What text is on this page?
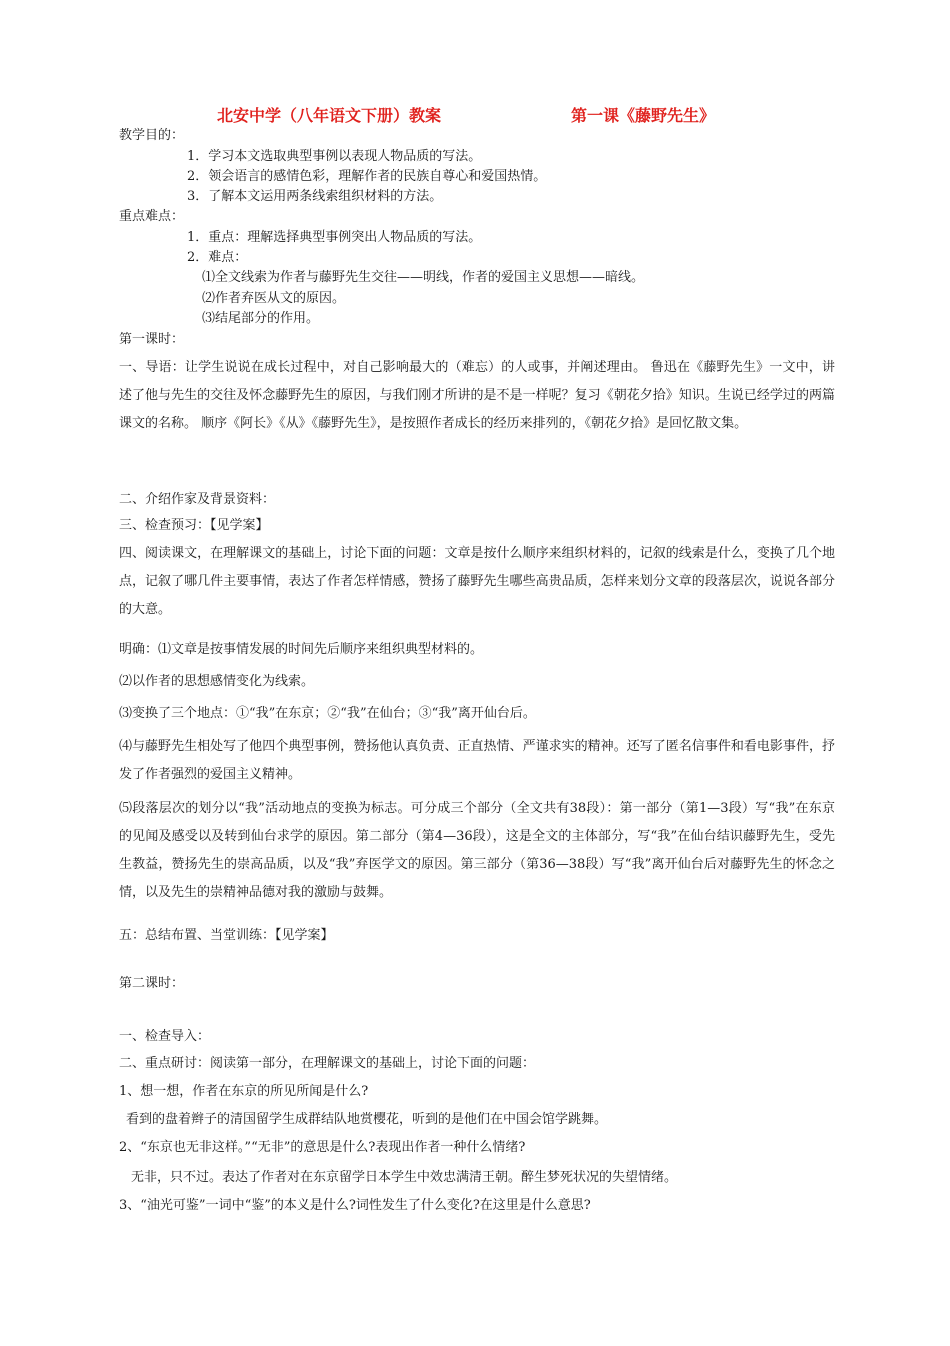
北安中学（八年语文下册）教案	第一课《藤野先生》
教学目的：
1．学习本文选取典型事例以表现人物品质的写法。
2．领会语言的感情色彩，理解作者的民族自尊心和爱国热情。
3．了解本文运用两条线索组织材料的方法。
重点难点：
1．重点：理解选择典型事例突出人物品质的写法。
2．难点：
⑴全文线索为作者与藤野先生交往——明线，作者的爱国主义思想——暗线。
⑵作者弃医从文的原因。
⑶结尾部分的作用。
第一课时：
一、导语：让学生说说在成长过程中，对自己影响最大的（难忘）的人或事，并阐述理由。 鲁迅在《藤野先生》一文中，讲述了他与先生的交往及怀念藤野先生的原因，与我们刚才所讲的是不是一样呢？复习《朝花夕拾》知识。生说已经学过的两篇课文的名称。 顺序《阿长》《从》《藤野先生》，是按照作者成长的经历来排列的，《朝花夕拾》是回忆散文集。
二、介绍作家及背景资料：
三、检查预习：【见学案】
四、阅读课文，在理解课文的基础上，讨论下面的问题：文章是按什么顺序来组织材料的，记叙的线索是什么，变换了几个地点，记叙了哪几件主要事情，表达了作者怎样情感，赞扬了藤野先生哪些高贵品质，怎样来划分文章的段落层次，说说各部分的大意。
明确：⑴文章是按事情发展的时间先后顺序来组织典型材料的。
⑵以作者的思想感情变化为线索。
⑶变换了三个地点：①“我”在东京；②“我”在仙台；③“我”离开仙台后。
⑷与藤野先生相处写了他四个典型事例，赞扬他认真负责、正直热情、严谨求实的精神。还写了匿名信事件和看电影事件，抒发了作者强烈的爱国主义精神。
⑸段落层次的划分以“我”活动地点的变换为标志。可分成三个部分（全文共有38段）：第一部分（第1—3段）写“我”在东京的见闻及感受以及转到仙台求学的原因。第二部分（第4—36段），这是全文的主体部分，写“我”在仙台结识藤野先生，受先生教益，赞扬先生的崇高品质，以及“我”弃医学文的原因。第三部分（第36—38段）写“我”离开仙台后对藤野先生的怀念之情，以及先生的崇精神品德对我的激励与鼓舞。
五：总结布置、当堂训练：【见学案】
第二课时：
一、检查导入：
二、重点研讨：阅读第一部分，在理解课文的基础上，讨论下面的问题：
1、想一想，作者在东京的所见所闻是什么?
看到的盘着辫子的清国留学生成群结队地赏樱花，听到的是他们在中国会馆学跳舞。
2、“东京也无非这样。”“无非”的意思是什么?表现出作者一种什么情绪?
无非，只不过。表达了作者对在东京留学日本学生中效忠满清王朝。醉生梦死状况的失望情绪。
3、“油光可鉴”一词中“鉴”的本义是什么?词性发生了什么变化?在这里是什么意思?
